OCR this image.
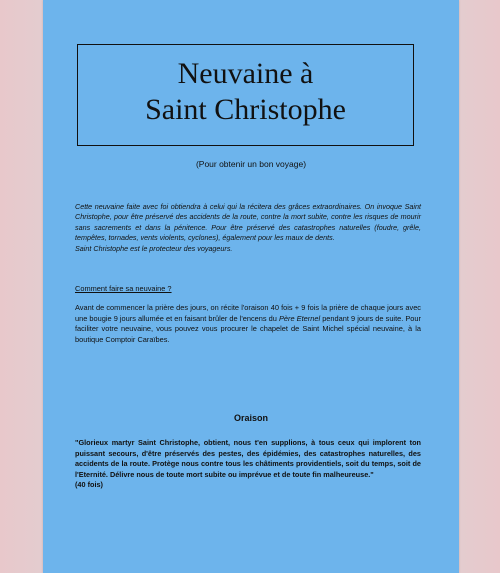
Neuvaine à
Saint Christophe
(Pour obtenir un bon voyage)

Cette neuvaine faite avec foi obtiendra à celui qui la récitera des grâces extraordinaires. On invoque Saint Christophe, pour être préservé des accidents de la route, contre la mort subite, contre les risques de mourir sans sacrements et dans la pénitence. Pour être préservé des catastrophes naturelles (foudre, grêle, tempêtes, tornades, vents violents, cyclones), également pour les maux de dents.

Saint Christophe est le protecteur des voyageurs.

Comment faire sa neuvaine ?
Avant de commencer la prière des jours, on récite l'oraison 40 fois + 9 fois la prière de chaque jours avec une bougie 9 jours allumée et en faisant brûler de l'encens du Père Eternel pendant 9 jours de suite. Pour faciliter votre neuvaine, vous pouvez vous procurer le chapelet de Saint Michel spécial neuvaine, à la boutique Comptoir Caraïbes.
Oraison
"Glorieux martyr Saint Christophe, obtient, nous t'en supplions, à tous ceux qui implorent ton puissant secours, d'être préservés des pestes, des épidémies, des catastrophes naturelles, des accidents de la route. Protège nous contre tous les châtiments providentiels, soit du temps, soit de l'Eternité. Délivre nous de toute mort subite ou imprévue et de toute fin malheureuse."
(40 fois)
